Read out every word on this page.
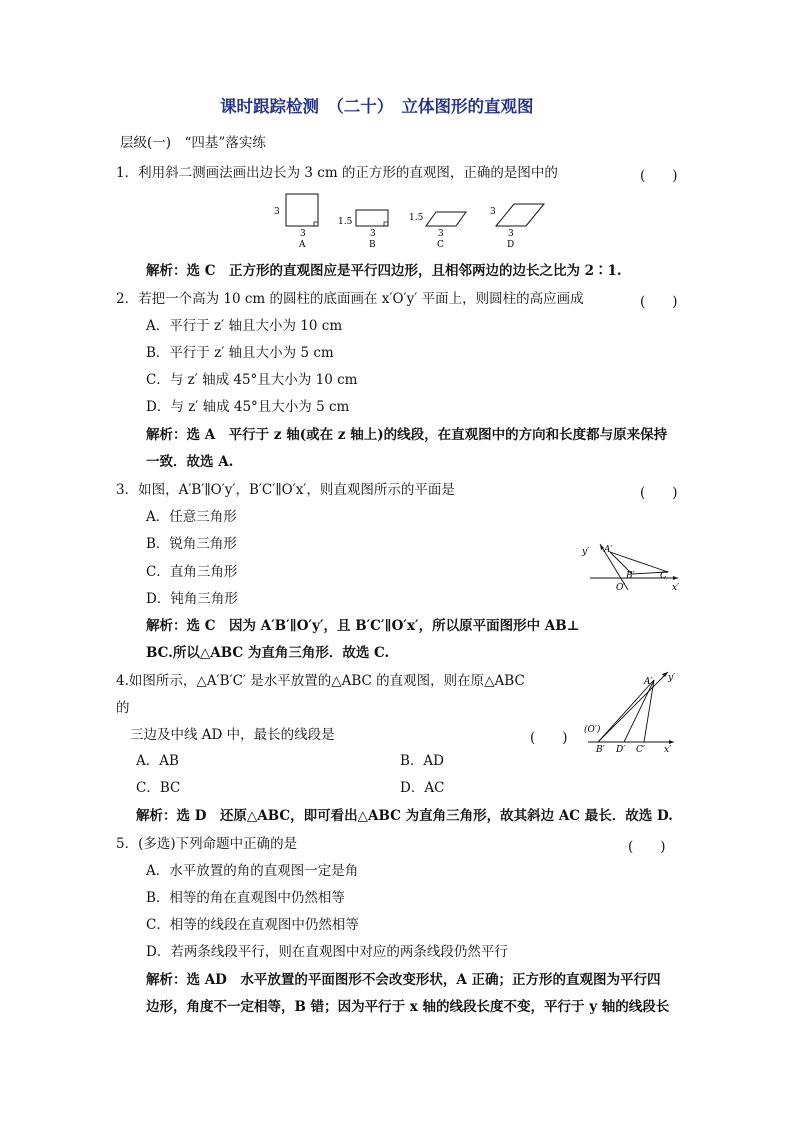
课时跟踪检测　（二十）　立体图形的直观图
层级(一)　“四基”落实练
1．利用斜二测画法画出边长为 3 cm 的正方形的直观图，正确的是图中的	(　　)
3
3
A
1.5
3
B
1.5
3
C
3
3
D
解析：选 C　正方形的直观图应是平行四边形，且相邻两边的边长之比为 2∶1.
2．若把一个高为 10 cm 的圆柱的底面画在 x′O′y′ 平面上，则圆柱的高应画成	(　　)
A．平行于 z′ 轴且大小为 10 cm
B．平行于 z′ 轴且大小为 5 cm
C．与 z′ 轴成 45°且大小为 10 cm
D．与 z′ 轴成 45°且大小为 5 cm
解析：选 A　平行于 z 轴(或在 z 轴上)的线段，在直观图中的方向和长度都与原来保持
一致．故选 A.
3．如图，A′B′∥O′y′，B′C′∥O′x′，则直观图所示的平面是	(　　)
A．任意三角形
B．锐角三角形
C．直角三角形
D．钝角三角形
y′ A′
B′	C′
O′	x′
解析：选 C　因为 A′B′∥O′y′，且 B′C′∥O′x′，所以原平面图形中 AB⊥
BC.所以△ABC 为直角三角形．故选 C.
4.如图所示，△A′B′C′ 是水平放置的△ABC 的直观图，则在原△ABC
的
三边及中线 AD 中，最长的线段是	(　　)
A′ y′
(O′)
B′ D′ C′ x′
A．AB	B．AD
C．BC	D．AC
解析：选 D　还原△ABC，即可看出△ABC 为直角三角形，故其斜边 AC 最长．故选 D.
5．(多选)下列命题中正确的是	(　　)
A．水平放置的角的直观图一定是角
B．相等的角在直观图中仍然相等
C．相等的线段在直观图中仍然相等
D．若两条线段平行，则在直观图中对应的两条线段仍然平行
解析：选 AD　水平放置的平面图形不会改变形状，A 正确；正方形的直观图为平行四
边形，角度不一定相等，B 错；因为平行于 x 轴的线段长度不变，平行于 y 轴的线段长
